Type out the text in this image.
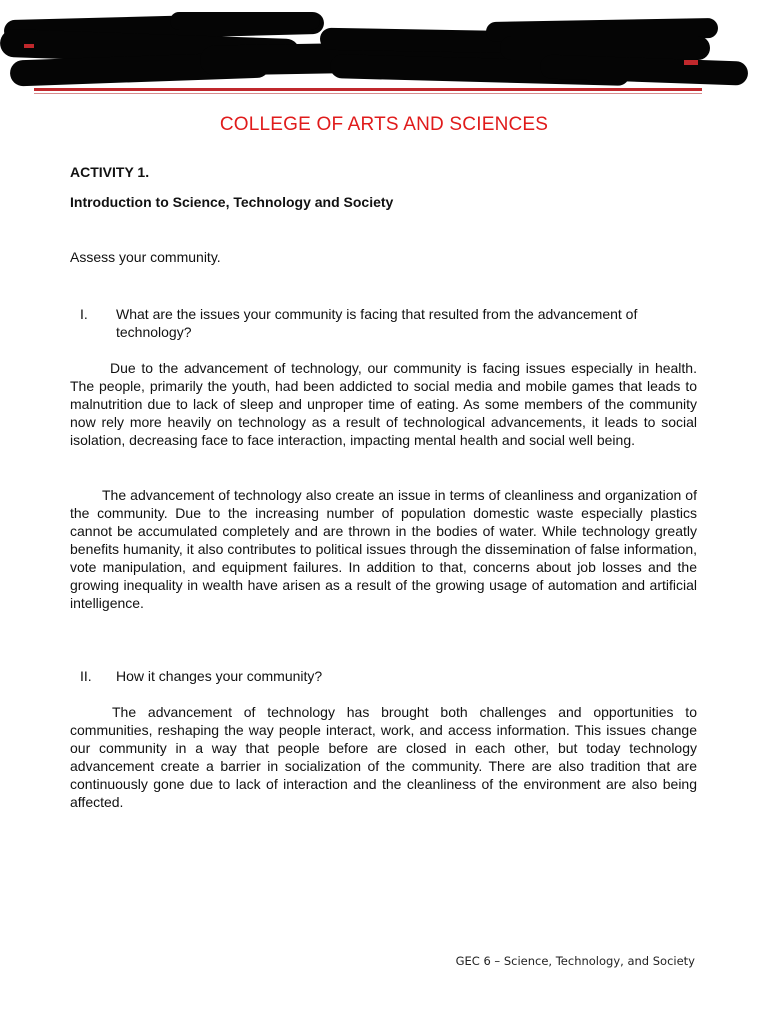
COLLEGE OF ARTS AND SCIENCES
ACTIVITY 1.
Introduction to Science, Technology and Society
Assess your community.
I.	What are the issues your community is facing that resulted from the advancement of technology?

Due to the advancement of technology, our community is facing issues especially in health. The people, primarily the youth, had been addicted to social media and mobile games that leads to malnutrition due to lack of sleep and unproper time of eating. As some members of the community now rely more heavily on technology as a result of technological advancements, it leads to social isolation, decreasing face to face interaction, impacting mental health and social well being.

The advancement of technology also create an issue in terms of cleanliness and organization of the community. Due to the increasing number of population domestic waste especially plastics cannot be accumulated completely and are thrown in the bodies of water. While technology greatly benefits humanity, it also contributes to political issues through the dissemination of false information, vote manipulation, and equipment failures. In addition to that, concerns about job losses and the growing inequality in wealth have arisen as a result of the growing usage of automation and artificial intelligence.

II.	How it changes your community?

The advancement of technology has brought both challenges and opportunities to communities, reshaping the way people interact, work, and access information. This issues change our community in a way that people before are closed in each other, but today technology advancement create a barrier in socialization of the community. There are also tradition that are continuously gone due to lack of interaction and the cleanliness of the environment are also being affected.

GEC 6 – Science, Technology, and Society
